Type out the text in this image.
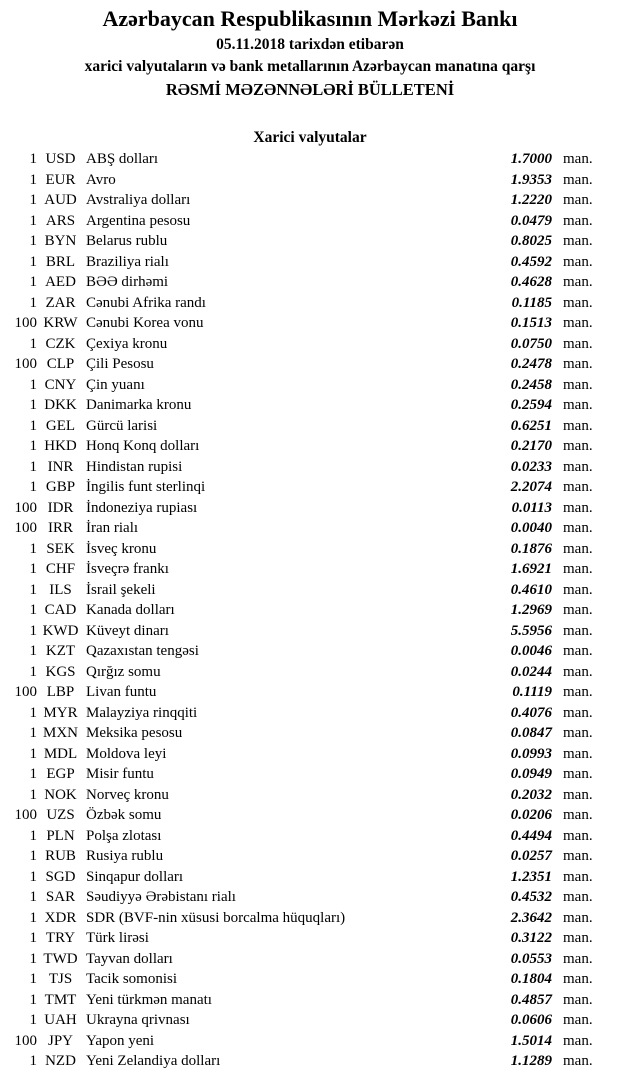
Azərbaycan Respublikasının Mərkəzi Bankı
05.11.2018 tarixdən etibarən
xarici valyutaların və bank metallarının Azərbaycan manatına qarşı
RƏSMİ MƏZƏNNƏLƏRİ BÜLLETENİ
Xarici valyutalar
1 USD ABŞ dolları	1.7000 man.
1 EUR Avro	1.9353 man.
1 AUD Avstraliya dolları	1.2220 man.
1 ARS Argentina pesosu	0.0479 man.
1 BYN Belarus rublu	0.8025 man.
1 BRL Braziliya rialı	0.4592 man.
1 AED BƏƏ dirhəmi	0.4628 man.
1 ZAR Cənubi Afrika randı	0.1185 man.
100 KRW Cənubi Korea vonu	0.1513 man.
1 CZK Çexiya kronu	0.0750 man.
100 CLP Çili Pesosu	0.2478 man.
1 CNY Çin yuanı	0.2458 man.
1 DKK Danimarka kronu	0.2594 man.
1 GEL Gürcü larisi	0.6251 man.
1 HKD Honq Konq dolları	0.2170 man.
1 INR Hindistan rupisi	0.0233 man.
1 GBP İngilis funt sterlinqi	2.2074 man.
100 IDR İndoneziya rupiası	0.0113 man.
100 IRR İran rialı	0.0040 man.
1 SEK İsveç kronu	0.1876 man.
1 CHF İsveçrə frankı	1.6921 man.
1 ILS İsrail şekeli	0.4610 man.
1 CAD Kanada dolları	1.2969 man.
1 KWD Küveyt dinarı	5.5956 man.
1 KZT Qazaxıstan tengəsi	0.0046 man.
1 KGS Qırğız somu	0.0244 man.
100 LBP Livan funtu	0.1119 man.
1 MYR Malayziya rinqqiti	0.4076 man.
1 MXN Meksika pesosu	0.0847 man.
1 MDL Moldova leyi	0.0993 man.
1 EGP Misir funtu	0.0949 man.
1 NOK Norveç kronu	0.2032 man.
100 UZS Özbək somu	0.0206 man.
1 PLN Polşa zlotası	0.4494 man.
1 RUB Rusiya rublu	0.0257 man.
1 SGD Sinqapur dolları	1.2351 man.
1 SAR Səudiyyə Ərəbistanı rialı	0.4532 man.
1 XDR SDR (BVF-nin xüsusi borcalma hüquqları)	2.3642 man.
1 TRY Türk lirəsi	0.3122 man.
1 TWD Tayvan dolları	0.0553 man.
1 TJS Tacik somonisi	0.1804 man.
1 TMT Yeni türkmən manatı	0.4857 man.
1 UAH Ukrayna qrivnası	0.0606 man.
100 JPY Yapon yeni	1.5014 man.
1 NZD Yeni Zelandiya dolları	1.1289 man.
